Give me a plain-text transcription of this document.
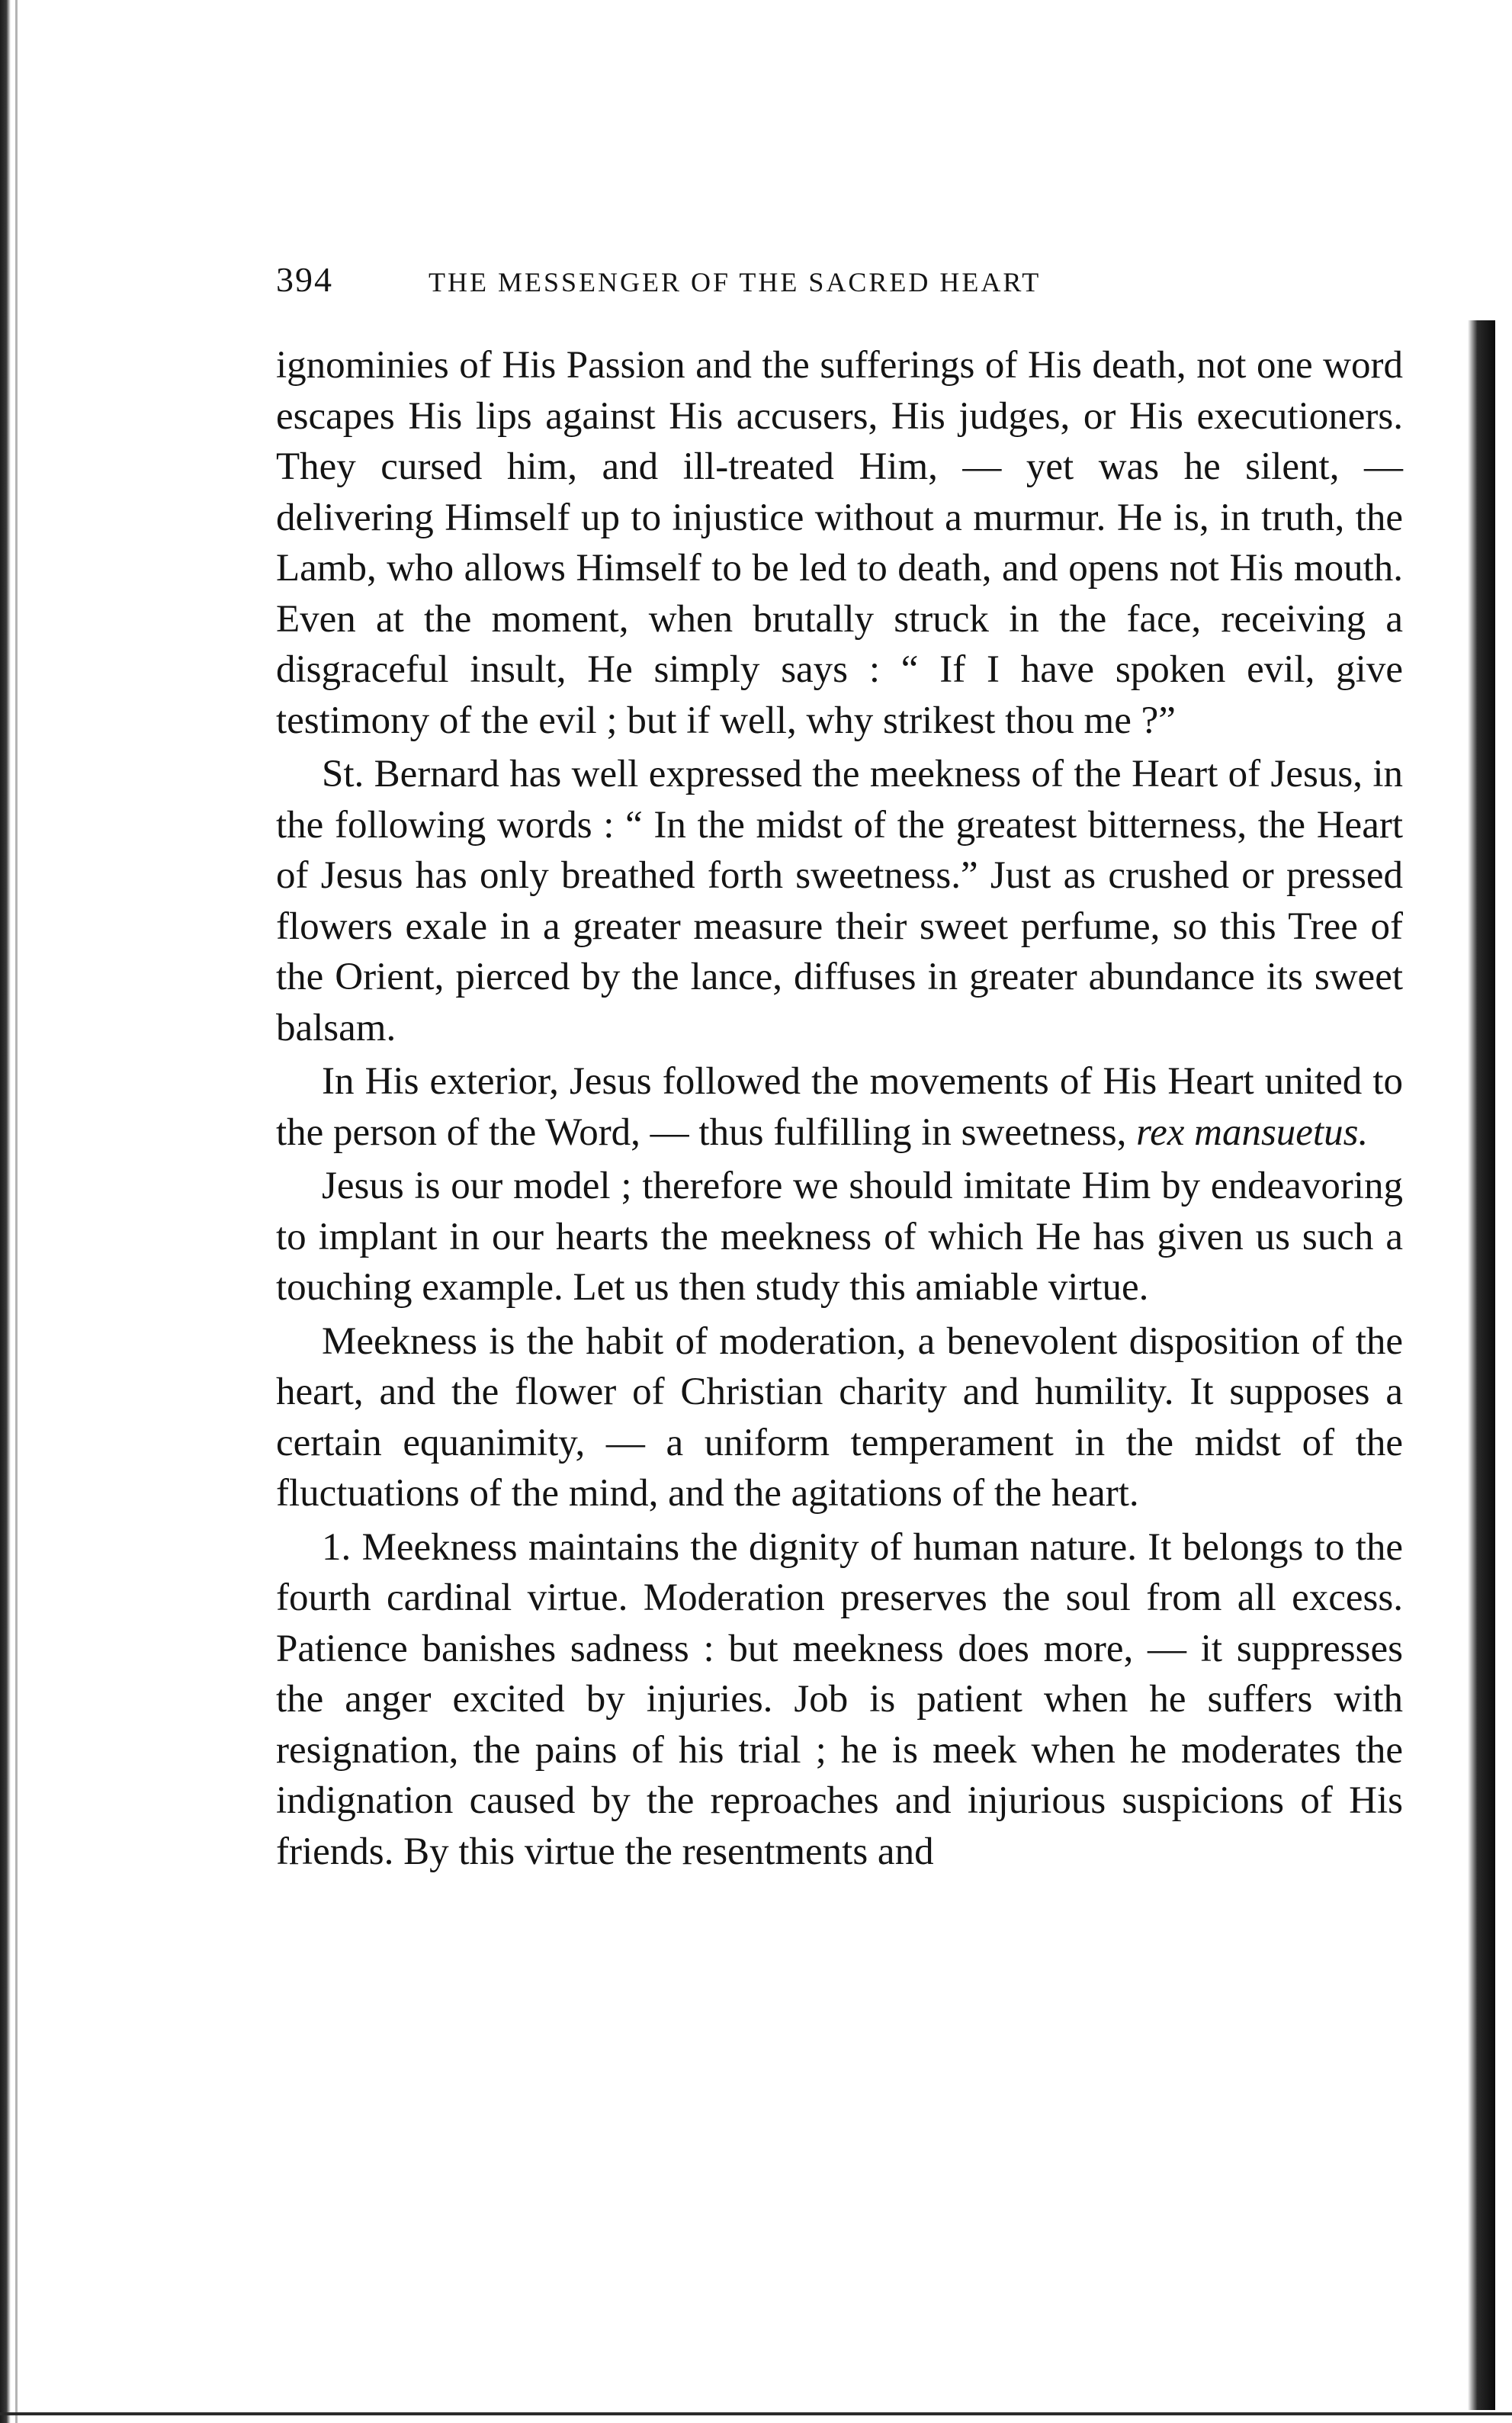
394	THE MESSENGER OF THE SACRED HEART

ignominies of His Passion and the sufferings of His death, not one word escapes His lips against His accusers, His judges, or His executioners. They cursed him, and ill-treated Him, — yet was he silent, — delivering Himself up to injustice without a murmur. He is, in truth, the Lamb, who allows Himself to be led to death, and opens not His mouth. Even at the moment, when brutally struck in the face, receiving a disgraceful insult, He simply says : “ If I have spoken evil, give testimony of the evil ; but if well, why strikest thou me ?”

St. Bernard has well expressed the meekness of the Heart of Jesus, in the following words : “ In the midst of the greatest bitterness, the Heart of Jesus has only breathed forth sweetness.” Just as crushed or pressed flowers exale in a greater measure their sweet perfume, so this Tree of the Orient, pierced by the lance, diffuses in greater abundance its sweet balsam.

In His exterior, Jesus followed the movements of His Heart united to the person of the Word, — thus fulfilling in sweetness, rex mansuetus.

Jesus is our model ; therefore we should imitate Him by endeavoring to implant in our hearts the meekness of which He has given us such a touching example. Let us then study this amiable virtue.

Meekness is the habit of moderation, a benevolent disposition of the heart, and the flower of Christian charity and humility. It supposes a certain equanimity, — a uniform temperament in the midst of the fluctuations of the mind, and the agitations of the heart.

1. Meekness maintains the dignity of human nature. It belongs to the fourth cardinal virtue. Moderation preserves the soul from all excess. Patience banishes sadness : but meekness does more, — it suppresses the anger excited by injuries. Job is patient when he suffers with resignation, the pains of his trial ; he is meek when he moderates the indignation caused by the reproaches and injurious suspicions of His friends. By this virtue the resentments and
